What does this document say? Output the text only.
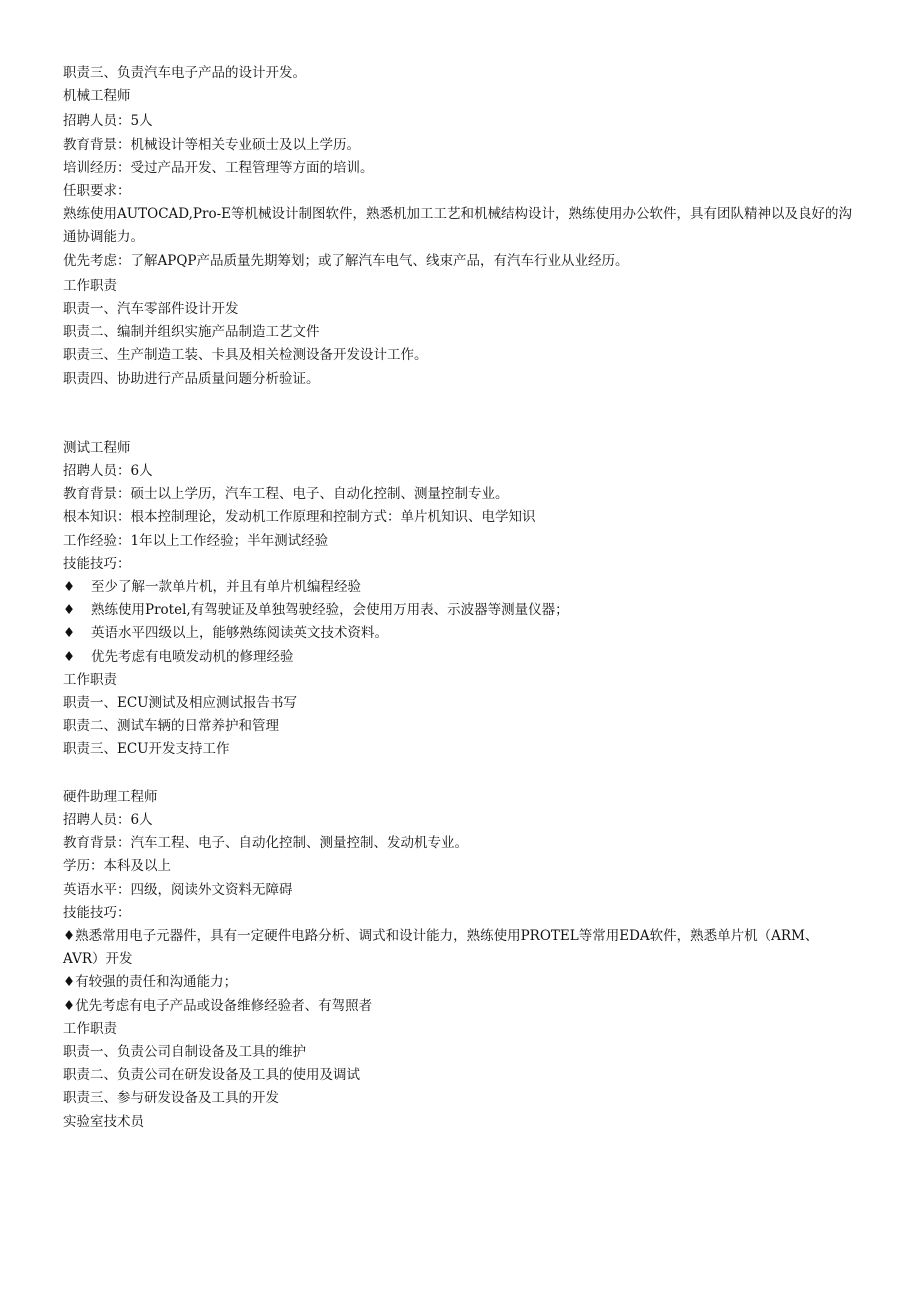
职责三、负责汽车电子产品的设计开发。

机械工程师

招聘人员：5人

教育背景：机械设计等相关专业硕士及以上学历。

培训经历：受过产品开发、工程管理等方面的培训。

任职要求：

熟练使用AUTOCAD,Pro-E等机械设计制图软件，熟悉机加工工艺和机械结构设计，熟练使用办公软件，具有团队精神以及良好的沟通协调能力。

优先考虑：了解APQP产品质量先期筹划；或了解汽车电气、线束产品，有汽车行业从业经历。

工作职责

职责一、汽车零部件设计开发

职责二、编制并组织实施产品制造工艺文件

职责三、生产制造工装、卡具及相关检测设备开发设计工作。

职责四、协助进行产品质量问题分析验证。

测试工程师

招聘人员：6人

教育背景：硕士以上学历，汽车工程、电子、自动化控制、测量控制专业。

根本知识：根本控制理论，发动机工作原理和控制方式：单片机知识、电学知识

工作经验：1年以上工作经验；半年测试经验

技能技巧：

♦ 至少了解一款单片机，并且有单片机编程经验

♦ 熟练使用Protel,有驾驶证及单独驾驶经验，会使用万用表、示波器等测量仪器；

♦ 英语水平四级以上，能够熟练阅读英文技术资料。

♦ 优先考虑有电喷发动机的修理经验

工作职责

职责一、ECU测试及相应测试报告书写

职责二、测试车辆的日常养护和管理

职责三、ECU开发支持工作

硬件助理工程师

招聘人员：6人

教育背景：汽车工程、电子、自动化控制、测量控制、发动机专业。

学历：本科及以上

英语水平：四级，阅读外文资料无障碍

技能技巧：

♦熟悉常用电子元器件，具有一定硬件电路分析、调式和设计能力，熟练使用PROTEL等常用EDA软件，熟悉单片机（ARM、AVR）开发

♦有较强的责任和沟通能力；

♦优先考虑有电子产品或设备维修经验者、有驾照者

工作职责

职责一、负责公司自制设备及工具的维护

职责二、负责公司在研发设备及工具的使用及调试

职责三、参与研发设备及工具的开发

实验室技术员
